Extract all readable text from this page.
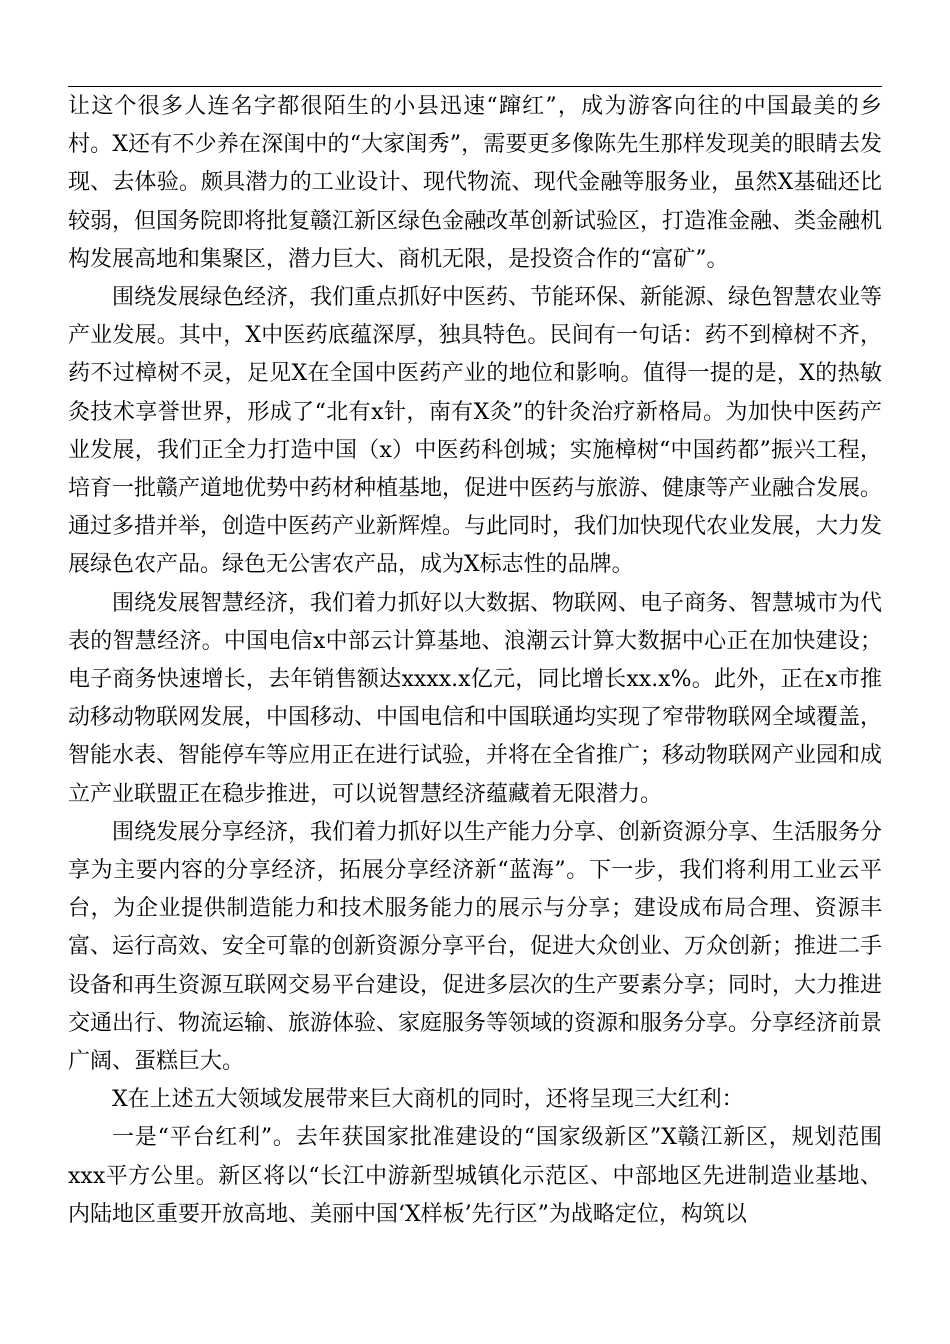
让这个很多人连名字都很陌生的小县迅速“蹿红”，成为游客向往的中国最美的乡村。X还有不少养在深闺中的“大家闺秀”，需要更多像陈先生那样发现美的眼睛去发现、去体验。颇具潜力的工业设计、现代物流、现代金融等服务业，虽然X基础还比较弱，但国务院即将批复赣江新区绿色金融改革创新试验区，打造准金融、类金融机构发展高地和集聚区，潜力巨大、商机无限，是投资合作的“富矿”。

围绕发展绿色经济，我们重点抓好中医药、节能环保、新能源、绿色智慧农业等产业发展。其中，X中医药底蕴深厚，独具特色。民间有一句话：药不到樟树不齐，药不过樟树不灵，足见X在全国中医药产业的地位和影响。值得一提的是，X的热敏灸技术享誉世界，形成了“北有x针，南有X灸”的针灸治疗新格局。为加快中医药产业发展，我们正全力打造中国（x）中医药科创城；实施樟树“中国药都”振兴工程，培育一批赣产道地优势中药材种植基地，促进中医药与旅游、健康等产业融合发展。通过多措并举，创造中医药产业新辉煌。与此同时，我们加快现代农业发展，大力发展绿色农产品。绿色无公害农产品，成为X标志性的品牌。

围绕发展智慧经济，我们着力抓好以大数据、物联网、电子商务、智慧城市为代表的智慧经济。中国电信x中部云计算基地、浪潮云计算大数据中心正在加快建设；电子商务快速增长，去年销售额达xxxx.x亿元，同比增长xx.x%。此外，正在x市推动移动物联网发展，中国移动、中国电信和中国联通均实现了窄带物联网全域覆盖，智能水表、智能停车等应用正在进行试验，并将在全省推广；移动物联网产业园和成立产业联盟正在稳步推进，可以说智慧经济蕴藏着无限潜力。

围绕发展分享经济，我们着力抓好以生产能力分享、创新资源分享、生活服务分享为主要内容的分享经济，拓展分享经济新“蓝海”。下一步，我们将利用工业云平台，为企业提供制造能力和技术服务能力的展示与分享；建设成布局合理、资源丰富、运行高效、安全可靠的创新资源分享平台，促进大众创业、万众创新；推进二手设备和再生资源互联网交易平台建设，促进多层次的生产要素分享；同时，大力推进交通出行、物流运输、旅游体验、家庭服务等领域的资源和服务分享。分享经济前景广阔、蛋糕巨大。

X在上述五大领域发展带来巨大商机的同时，还将呈现三大红利：

一是“平台红利”。去年获国家批准建设的“国家级新区”X赣江新区，规划范围xxx平方公里。新区将以“长江中游新型城镇化示范区、中部地区先进制造业基地、内陆地区重要开放高地、美丽中国‘X样板’先行区”为战略定位，构筑以
